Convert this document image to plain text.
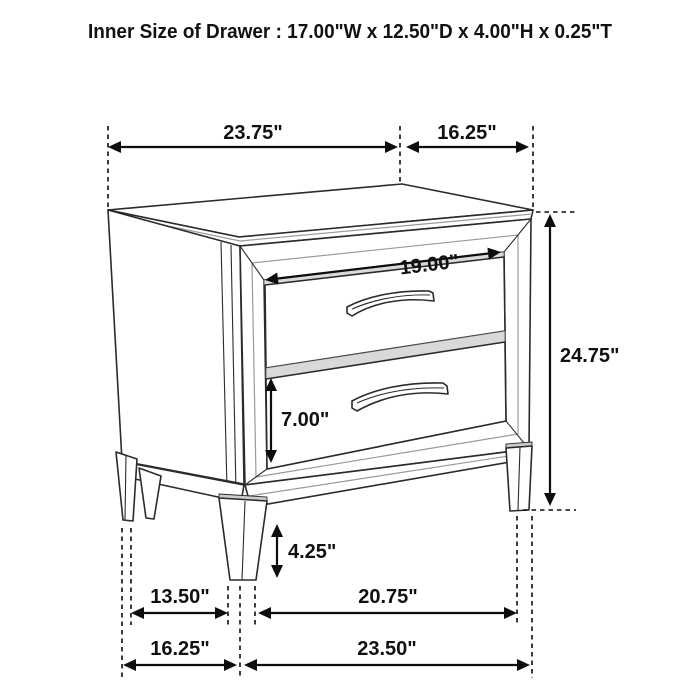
Inner Size of Drawer : 17.00"W x 12.50"D x 4.00"H x 0.25"T
23.75"	16.25"
24.75"
19.00"
7.00"
4.25"
13.50"	20.75"
16.25"	23.50"
